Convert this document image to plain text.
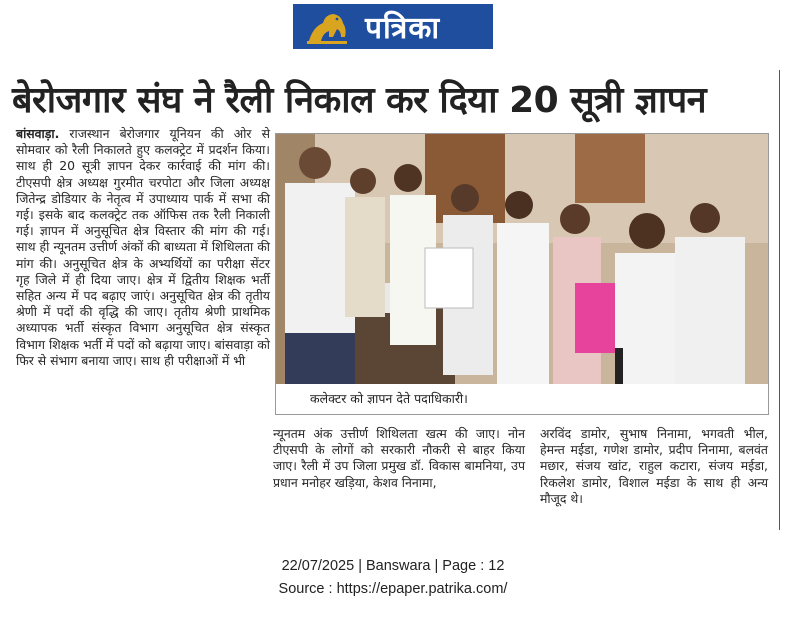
पत्रिका
बेरोजगार संघ ने रैली निकाल कर दिया 20 सूत्री ज्ञापन

बांसवाड़ा. राजस्थान बेरोजगार यूनियन की ओर से सोमवार को रैली निकालते हुए कलक्ट्रेट में प्रदर्शन किया। साथ ही 20 सूत्री ज्ञापन देकर कार्रवाई की मांग की। टीएसपी क्षेत्र अध्यक्ष गुरमीत चरपोटा और जिला अध्यक्ष जितेन्द्र डोडियार के नेतृत्व में उपाध्याय पार्क में सभा की गई। इसके बाद कलक्ट्रेट तक ऑफिस तक रैली निकाली गई। ज्ञापन में अनुसूचित क्षेत्र विस्तार की मांग की गई। साथ ही न्यूनतम उत्तीर्ण अंकों की बाध्यता में शिथिलता की मांग की। अनुसूचित क्षेत्र के अभ्यर्थियों का परीक्षा सेंटर गृह जिले में ही दिया जाए। क्षेत्र में द्वितीय शिक्षक भर्ती सहित अन्य में पद बढ़ाए जाएं। अनुसूचित क्षेत्र की तृतीय श्रेणी में पदों की वृद्धि की जाए। तृतीय श्रेणी प्राथमिक अध्यापक भर्ती संस्कृत विभाग अनुसूचित क्षेत्र संस्कृत विभाग शिक्षक भर्ती में पदों को बढ़ाया जाए। बांसवाड़ा को फिर से संभाग बनाया जाए। साथ ही परीक्षाओं में भी

कलेक्टर को ज्ञापन देते पदाधिकारी।

न्यूनतम अंक उत्तीर्ण शिथिलता खत्म की जाए। नोन टीएसपी के लोगों को सरकारी नौकरी से बाहर किया जाए। रैली में उप जिला प्रमुख डॉ. विकास बामनिया, उप प्रधान मनोहर खड़िया, केशव निनामा,

अरविंद डामोर, सुभाष निनामा, भगवती भील, हेमन्त मईडा, गणेश डामोर, प्रदीप निनामा, बलवंत मछार, संजय खांट, राहुल कटारा, संजय मईडा, रिकलेश डामोर, विशाल मईडा के साथ ही अन्य मौजूद थे।

22/07/2025 | Banswara | Page : 12
Source : https://epaper.patrika.com/
